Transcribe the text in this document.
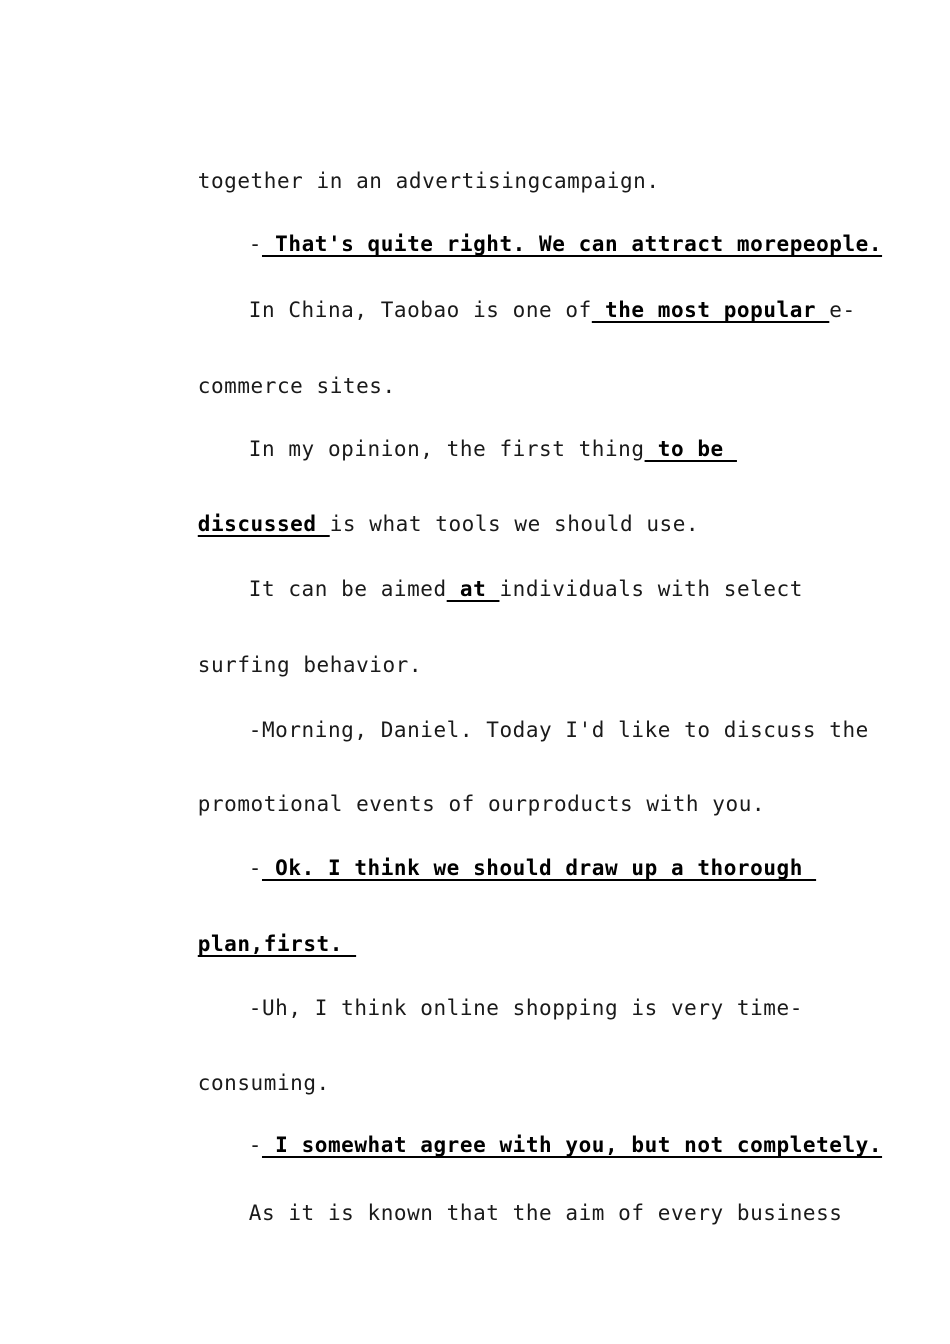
together in an advertisingcampaign.

- That's quite right. We can attract morepeople.

In China, Taobao is one of the most popular e-

commerce sites.

In my opinion, the first thing to be

discussed is what tools we should use.

It can be aimed at individuals with select

surfing behavior.

-Morning, Daniel. Today I'd like to discuss the

promotional events of ourproducts with you.

- Ok. I think we should draw up a thorough

plan,first.

-Uh, I think online shopping is very time-

consuming.

- I somewhat agree with you, but not completely.

As it is known that the aim of every business
